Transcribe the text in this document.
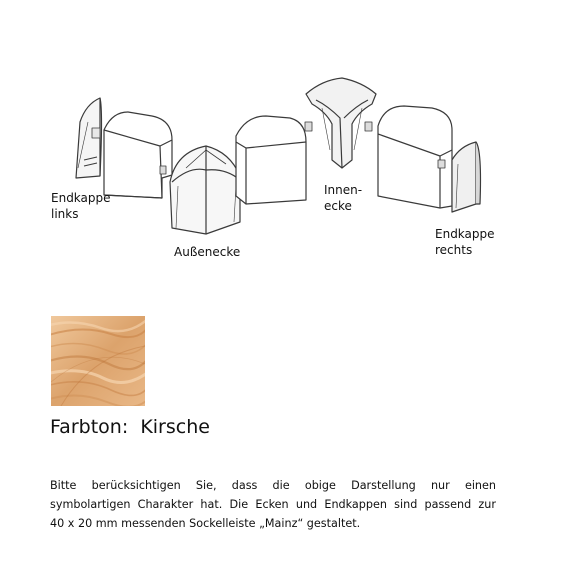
Endkappe
links
Außenecke
Innen-
ecke
Endkappe
rechts
Farbton: Kirsche
Bitte berücksichtigen Sie, dass die obige Darstellung nur einen
symbolartigen Charakter hat. Die Ecken und Endkappen sind passend zur
40 x 20 mm messenden Sockelleiste „Mainz“ gestaltet.
